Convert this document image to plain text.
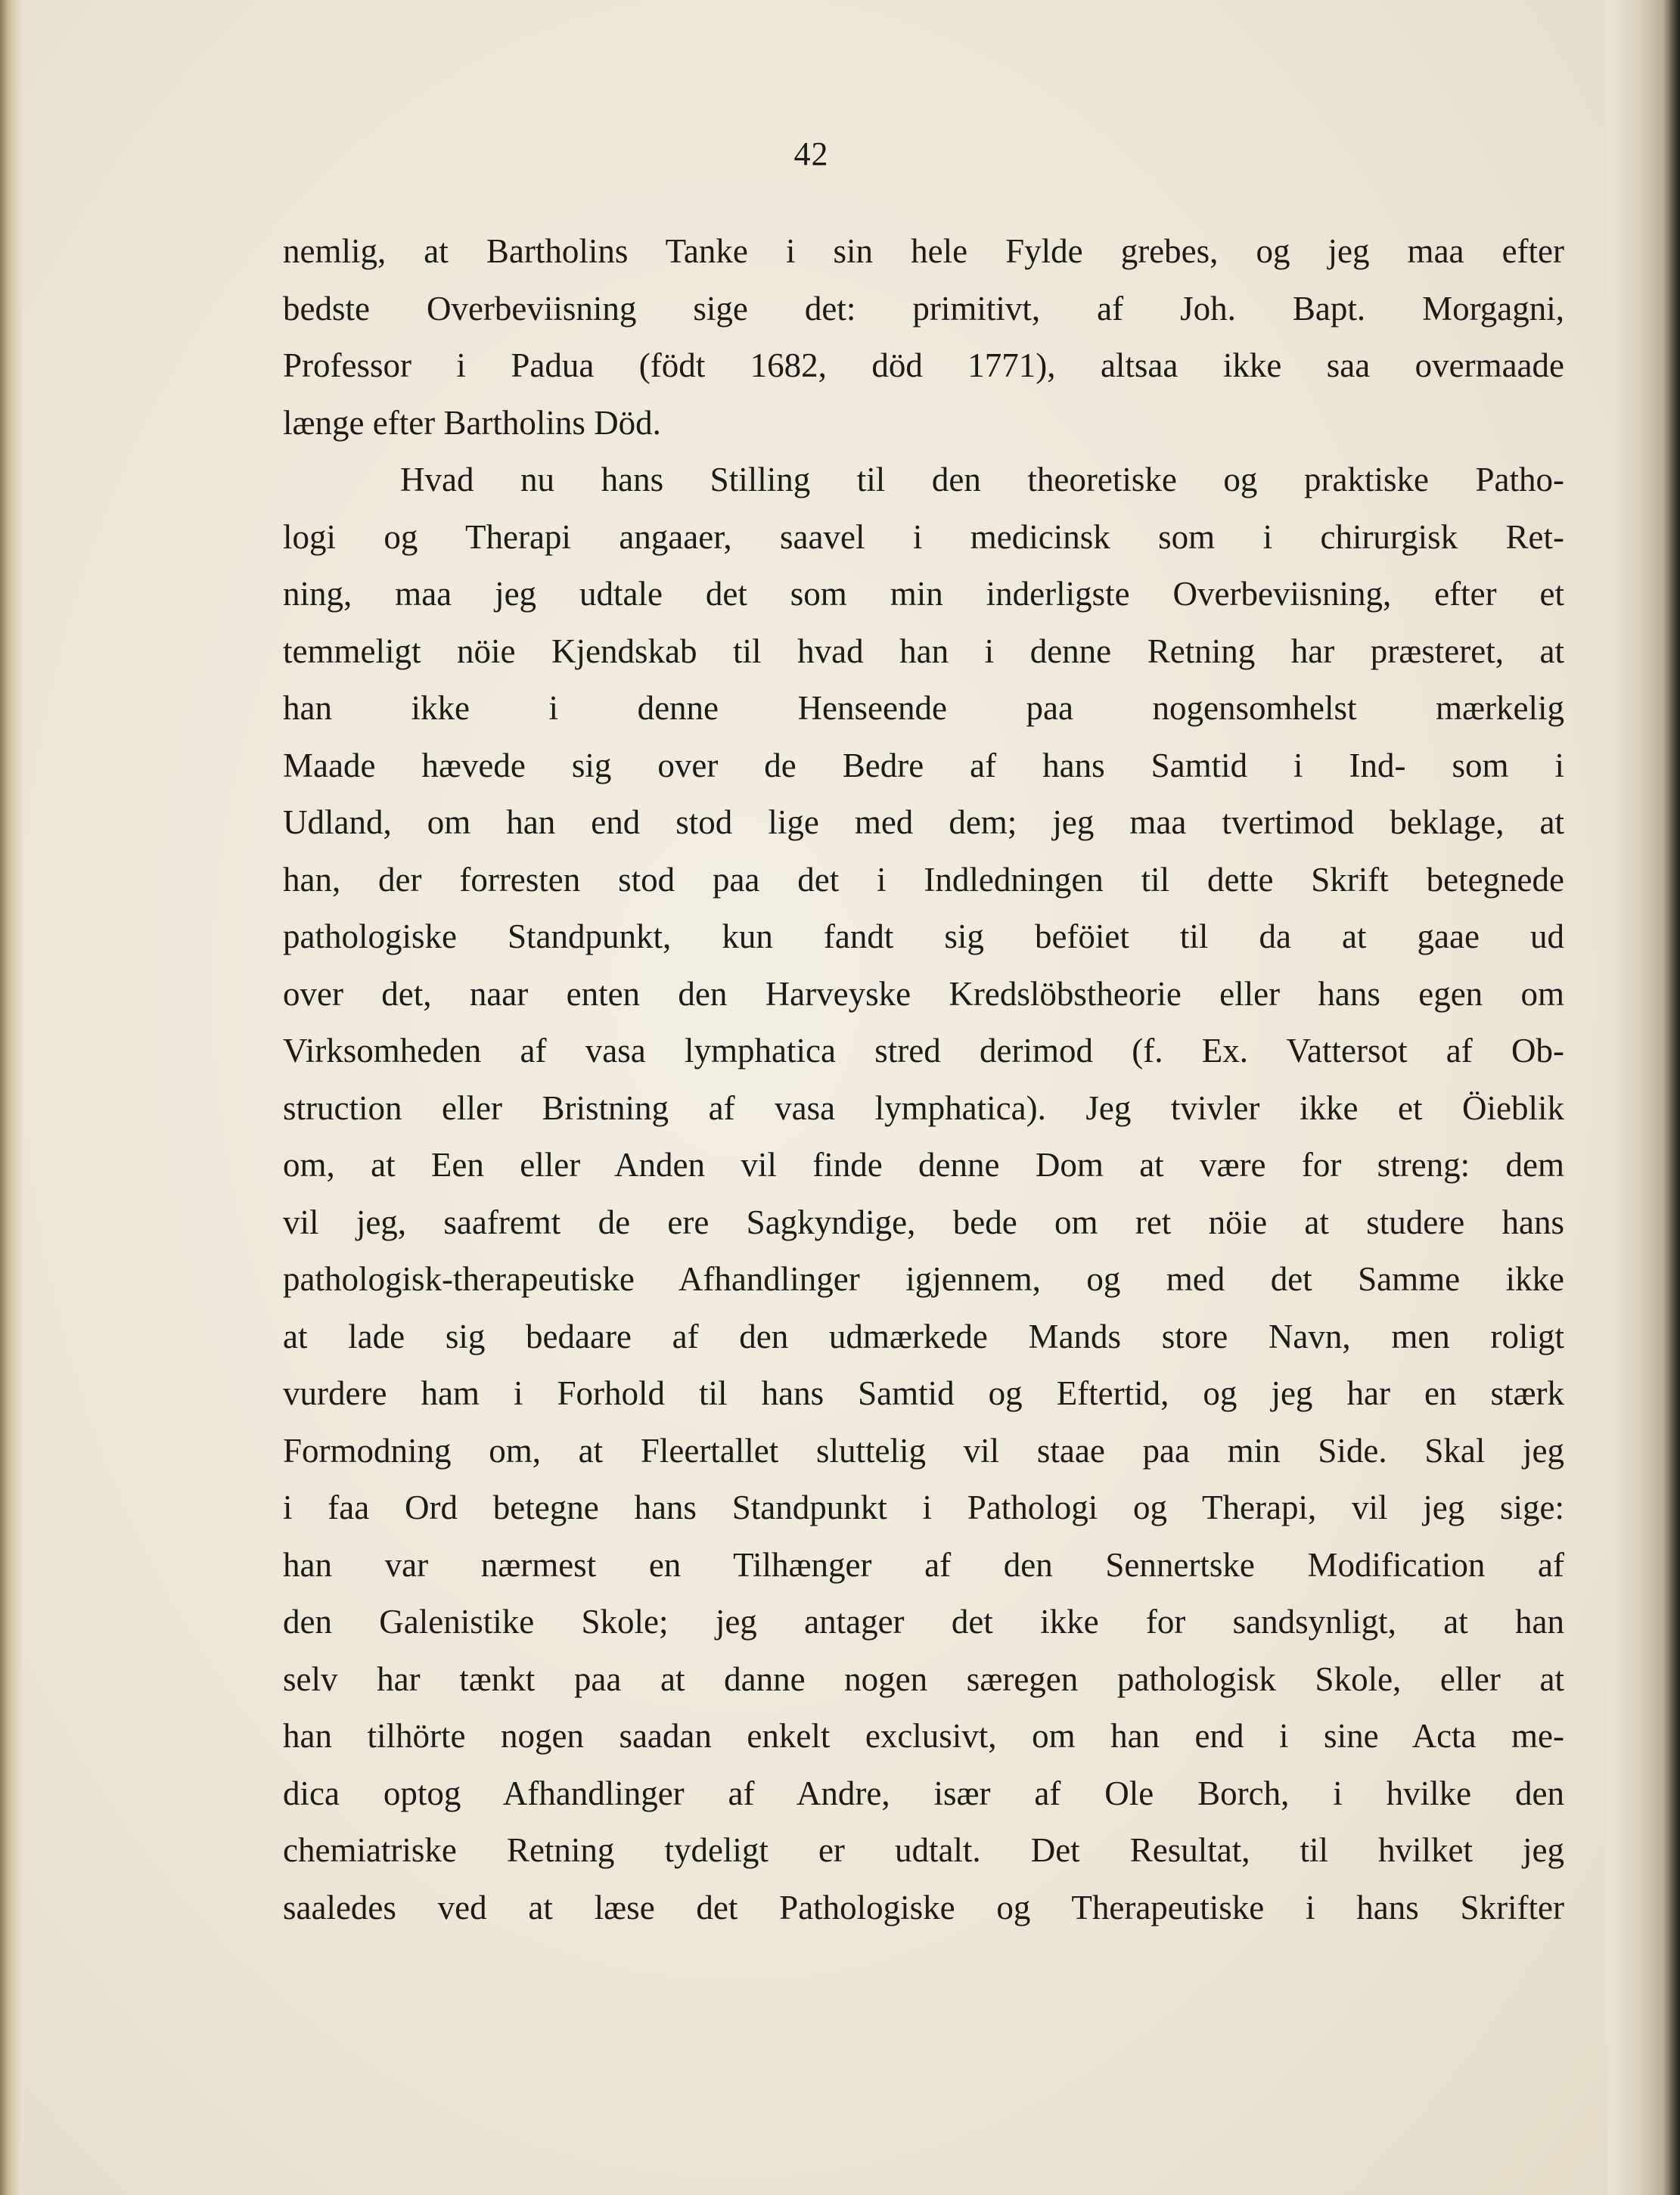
42
nemlig, at Bartholins Tanke i sin hele Fylde grebes, og jeg maa efter
bedste Overbeviisning sige det: primitivt, af Joh. Bapt. Morgagni,
Professor i Padua (födt 1682, död 1771), altsaa ikke saa overmaade
længe efter Bartholins Död.
Hvad nu hans Stilling til den theoretiske og praktiske Patho-
logi og Therapi angaaer, saavel i medicinsk som i chirurgisk Ret-
ning, maa jeg udtale det som min inderligste Overbeviisning, efter et
temmeligt nöie Kjendskab til hvad han i denne Retning har præsteret, at
han ikke i denne Henseende paa nogensomhelst mærkelig
Maade hævede sig over de Bedre af hans Samtid i Ind- som i
Udland, om han end stod lige med dem; jeg maa tvertimod beklage, at
han, der forresten stod paa det i Indledningen til dette Skrift betegnede
pathologiske Standpunkt, kun fandt sig beföiet til da at gaae ud
over det, naar enten den Harveyske Kredslöbstheorie eller hans egen om
Virksomheden af vasa lymphatica stred derimod (f. Ex. Vattersot af Ob-
struction eller Bristning af vasa lymphatica). Jeg tvivler ikke et Öieblik
om, at Een eller Anden vil finde denne Dom at være for streng: dem
vil jeg, saafremt de ere Sagkyndige, bede om ret nöie at studere hans
pathologisk-therapeutiske Afhandlinger igjennem, og med det Samme ikke
at lade sig bedaare af den udmærkede Mands store Navn, men roligt
vurdere ham i Forhold til hans Samtid og Eftertid, og jeg har en stærk
Formodning om, at Fleertallet sluttelig vil staae paa min Side. Skal jeg
i faa Ord betegne hans Standpunkt i Pathologi og Therapi, vil jeg sige:
han var nærmest en Tilhænger af den Sennertske Modification af
den Galenistike Skole; jeg antager det ikke for sandsynligt, at han
selv har tænkt paa at danne nogen særegen pathologisk Skole, eller at
han tilhörte nogen saadan enkelt exclusivt, om han end i sine Acta me-
dica optog Afhandlinger af Andre, især af Ole Borch, i hvilke den
chemiatriske Retning tydeligt er udtalt. Det Resultat, til hvilket jeg
saaledes ved at læse det Pathologiske og Therapeutiske i hans Skrifter
